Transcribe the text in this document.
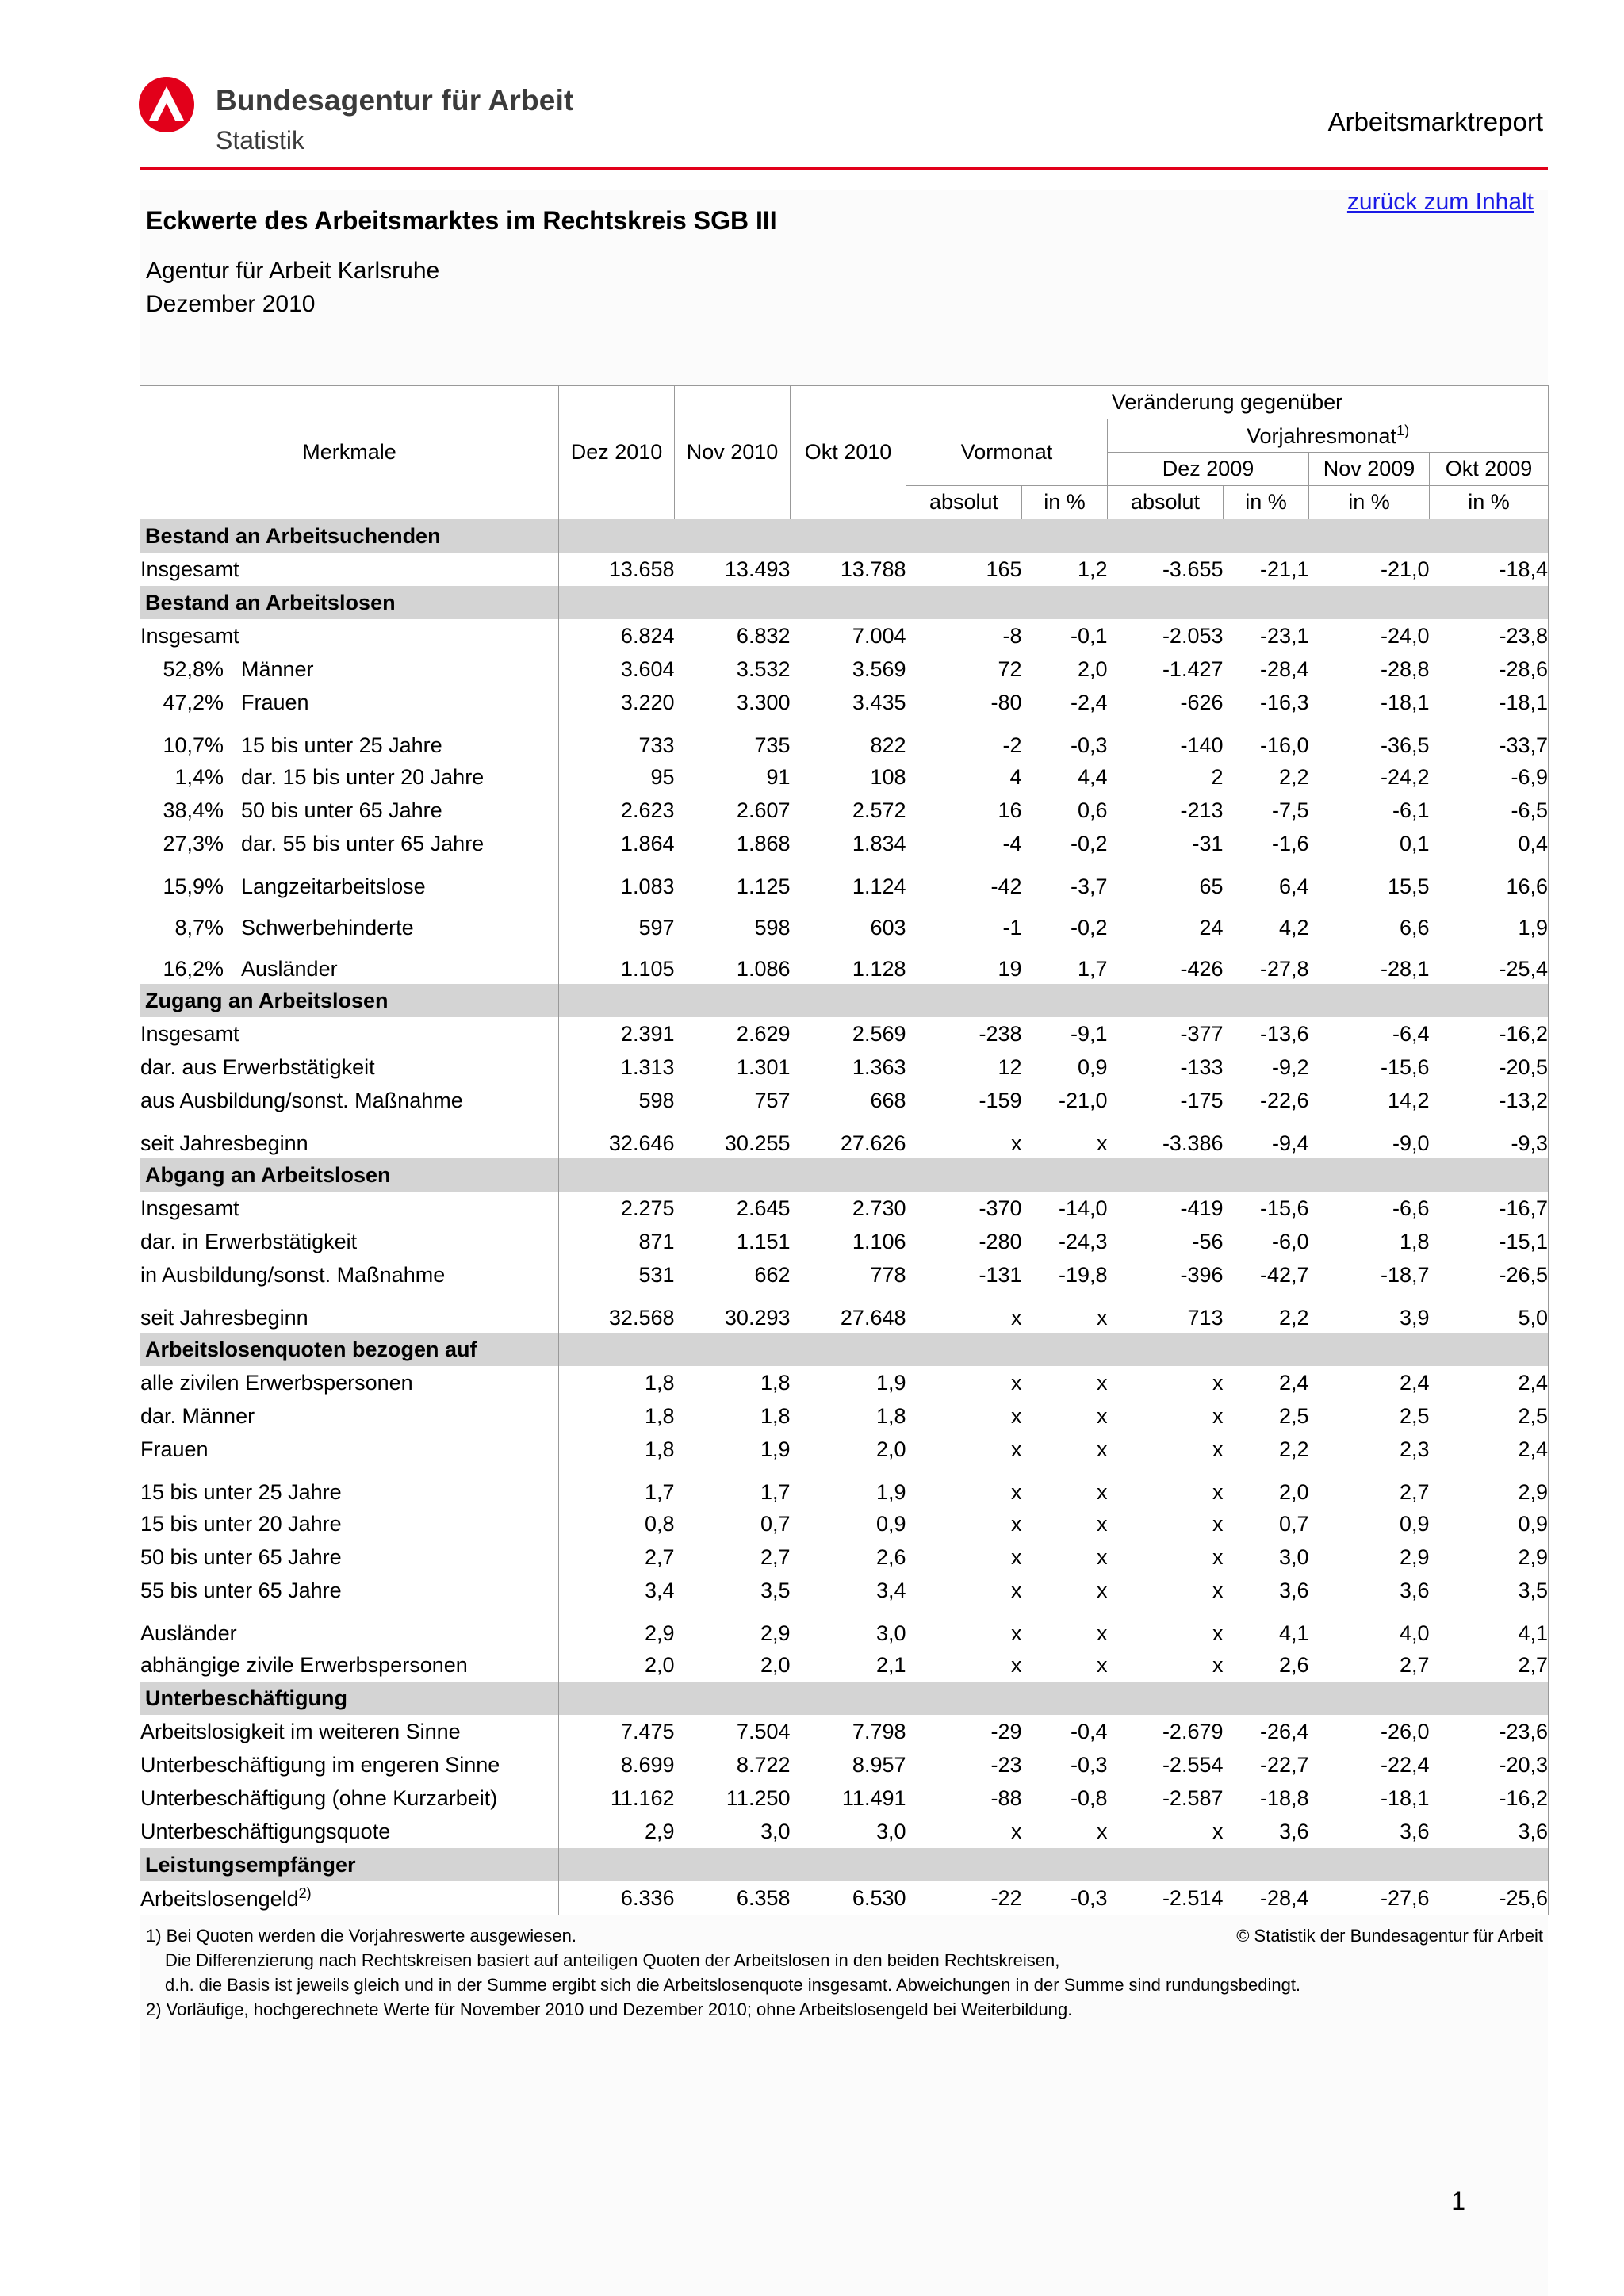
Bundesagentur für Arbeit
Statistik
Arbeitsmarktreport
zurück zum Inhalt
Eckwerte des Arbeitsmarktes im Rechtskreis SGB III
Agentur für Arbeit Karlsruhe
Dezember 2010
Merkmale	Dez 2010	Nov 2010	Okt 2010	Veränderung gegenüber					
				Vormonat		Vorjahresmonat$^{1)}$
						Dez 2009		Nov 2009	Okt 2009
				absolut	in %	absolut	in %	in %	in %
Bestand an Arbeitsuchenden									
Insgesamt	13.658	13.493	13.788	165	1,2	-3.655	-21,1	-21,0	-18,4
Bestand an Arbeitslosen									
Insgesamt	6.824	6.832	7.004	-8	-0,1	-2.053	-23,1	-24,0	-23,8
52,8% Männer	3.604	3.532	3.569	72	2,0	-1.427	-28,4	-28,8	-28,6
47,2% Frauen	3.220	3.300	3.435	-80	-2,4	-626	-16,3	-18,1	-18,1
10,7% 15 bis unter 25 Jahre	733	735	822	-2	-0,3	-140	-16,0	-36,5	-33,7
1,4% dar. 15 bis unter 20 Jahre	95	91	108	4	4,4	2	2,2	-24,2	-6,9
38,4% 50 bis unter 65 Jahre	2.623	2.607	2.572	16	0,6	-213	-7,5	-6,1	-6,5
27,3% dar. 55 bis unter 65 Jahre	1.864	1.868	1.834	-4	-0,2	-31	-1,6	0,1	0,4
15,9% Langzeitarbeitslose	1.083	1.125	1.124	-42	-3,7	65	6,4	15,5	16,6
8,7% Schwerbehinderte	597	598	603	-1	-0,2	24	4,2	6,6	1,9
16,2% Ausländer	1.105	1.086	1.128	19	1,7	-426	-27,8	-28,1	-25,4
Zugang an Arbeitslosen									
Insgesamt	2.391	2.629	2.569	-238	-9,1	-377	-13,6	-6,4	-16,2
dar. aus Erwerbstätigkeit	1.313	1.301	1.363	12	0,9	-133	-9,2	-15,6	-20,5
aus Ausbildung/sonst. Maßnahme	598	757	668	-159	-21,0	-175	-22,6	14,2	-13,2
seit Jahresbeginn	32.646	30.255	27.626	x	x	-3.386	-9,4	-9,0	-9,3
Abgang an Arbeitslosen									
Insgesamt	2.275	2.645	2.730	-370	-14,0	-419	-15,6	-6,6	-16,7
dar. in Erwerbstätigkeit	871	1.151	1.106	-280	-24,3	-56	-6,0	1,8	-15,1
in Ausbildung/sonst. Maßnahme	531	662	778	-131	-19,8	-396	-42,7	-18,7	-26,5
seit Jahresbeginn	32.568	30.293	27.648	x	x	713	2,2	3,9	5,0
Arbeitslosenquoten bezogen auf									
alle zivilen Erwerbspersonen	1,8	1,8	1,9	x	x	x	2,4	2,4	2,4
dar. Männer	1,8	1,8	1,8	x	x	x	2,5	2,5	2,5
Frauen	1,8	1,9	2,0	x	x	x	2,2	2,3	2,4
15 bis unter 25 Jahre	1,7	1,7	1,9	x	x	x	2,0	2,7	2,9
15 bis unter 20 Jahre	0,8	0,7	0,9	x	x	x	0,7	0,9	0,9
50 bis unter 65 Jahre	2,7	2,7	2,6	x	x	x	3,0	2,9	2,9
55 bis unter 65 Jahre	3,4	3,5	3,4	x	x	x	3,6	3,6	3,5
Ausländer	2,9	2,9	3,0	x	x	x	4,1	4,0	4,1
abhängige zivile Erwerbspersonen	2,0	2,0	2,1	x	x	x	2,6	2,7	2,7
Unterbeschäftigung									
Arbeitslosigkeit im weiteren Sinne	7.475	7.504	7.798	-29	-0,4	-2.679	-26,4	-26,0	-23,6
Unterbeschäftigung im engeren Sinne	8.699	8.722	8.957	-23	-0,3	-2.554	-22,7	-22,4	-20,3
Unterbeschäftigung (ohne Kurzarbeit)	11.162	11.250	11.491	-88	-0,8	-2.587	-18,8	-18,1	-16,2
Unterbeschäftigungsquote	2,9	3,0	3,0	x	x	x	3,6	3,6	3,6
Leistungsempfänger									
Arbeitslosengeld$^{2)}$	6.336	6.358	6.530	-22	-0,3	-2.514	-28,4	-27,6	-25,6
1) Bei Quoten werden die Vorjahreswerte ausgewiesen.	© Statistik der Bundesagentur für Arbeit
Die Differenzierung nach Rechtskreisen basiert auf anteiligen Quoten der Arbeitslosen in den beiden Rechtskreisen,
d.h. die Basis ist jeweils gleich und in der Summe ergibt sich die Arbeitslosenquote insgesamt. Abweichungen in der Summe sind rundungsbedingt.
2) Vorläufige, hochgerechnete Werte für November 2010 und Dezember 2010; ohne Arbeitslosengeld bei Weiterbildung.
1
